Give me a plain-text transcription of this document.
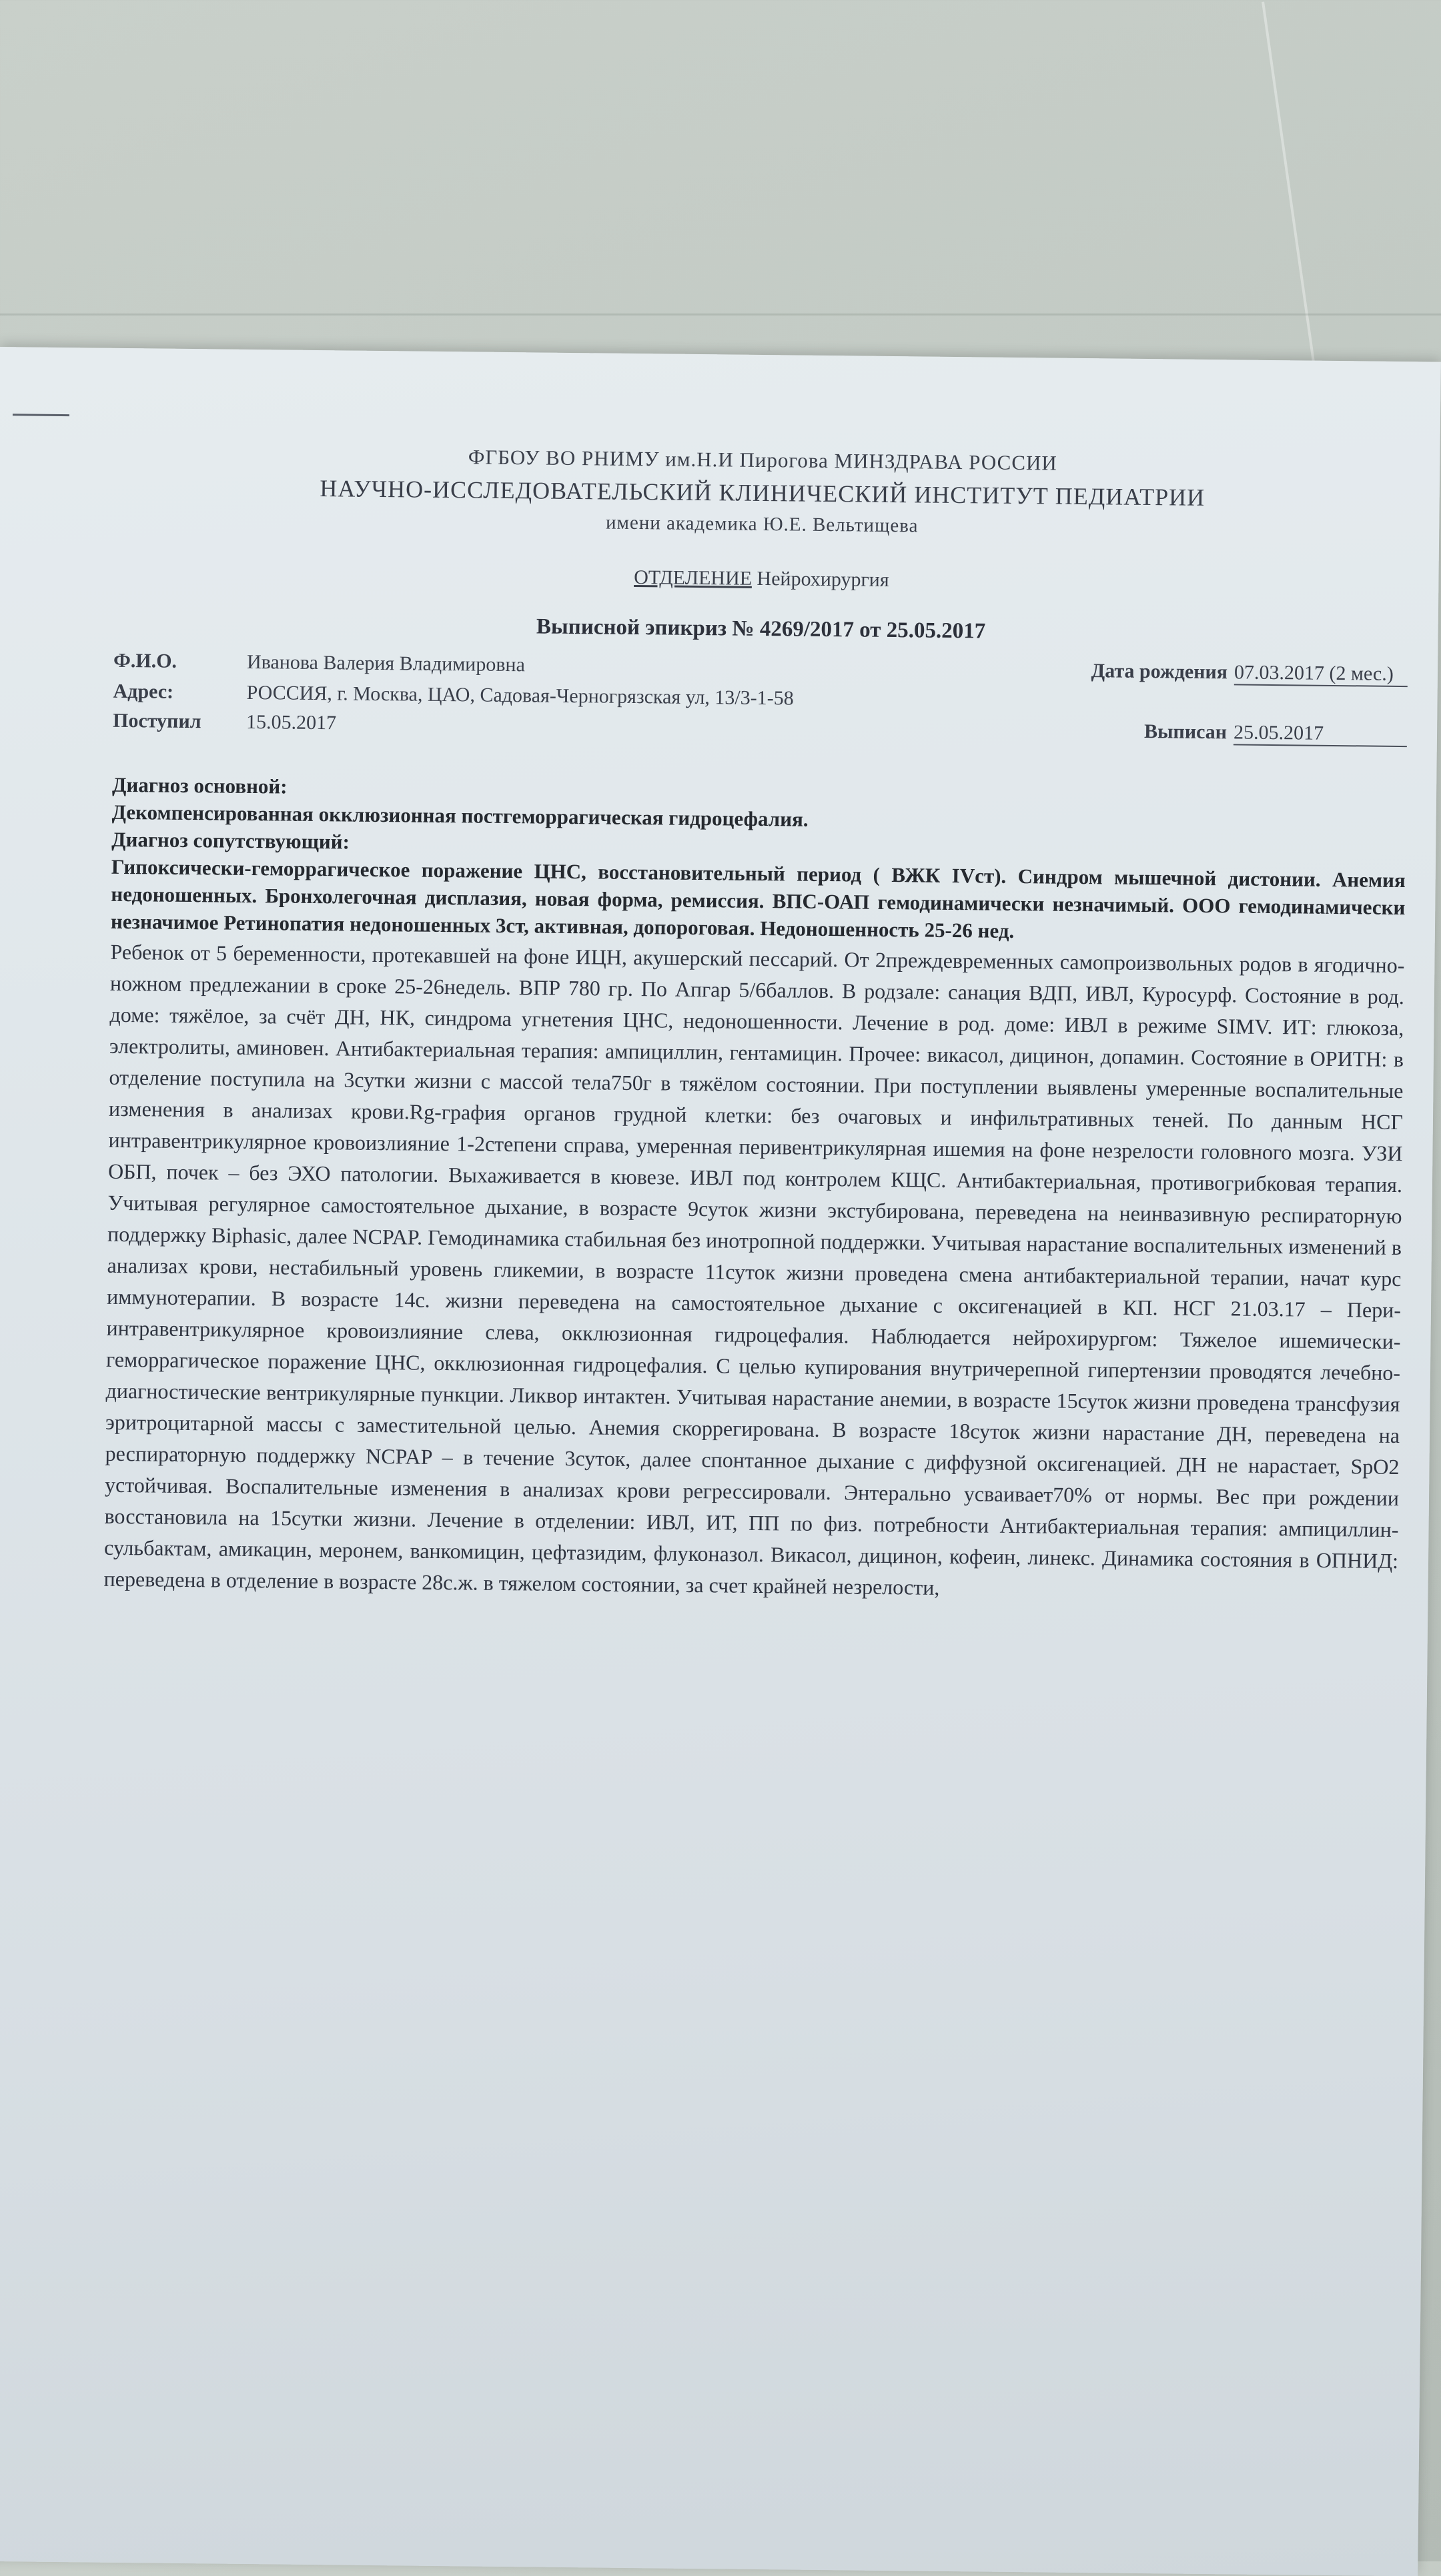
ФГБОУ ВО РНИМУ им.Н.И Пирогова МИНЗДРАВА РОССИИ
НАУЧНО-ИССЛЕДОВАТЕЛЬСКИЙ КЛИНИЧЕСКИЙ ИНСТИТУТ ПЕДИАТРИИ
имени академика Ю.Е. Вельтищева
ОТДЕЛЕНИЕ Нейрохирургия
Выписной эпикриз № 4269/2017 от 25.05.2017
Ф.И.О.	Иванова Валерия Владимировна	Дата рождения 07.03.2017 (2 мес.)
Адрес:	РОССИЯ, г. Москва, ЦАО, Садовая-Черногрязская ул, 13/3-1-58
Поступил	15.05.2017	Выписан 25.05.2017
Диагноз основной:
Декомпенсированная окклюзионная постгеморрагическая гидроцефалия.
Диагноз сопутствующий:
Гипоксически-геморрагическое поражение ЦНС, восстановительный период ( ВЖК IVст). Синдром мышечной дистонии. Анемия недоношенных. Бронхолегочная дисплазия, новая форма, ремиссия. ВПС-ОАП гемодинамически незначимый. ООО гемодинамически незначимое Ретинопатия недоношенных 3ст, активная, допороговая. Недоношенность 25-26 нед.
Ребенок от 5 беременности, протекавшей на фоне ИЦН, акушерский пессарий. От 2преждевременных самопроизвольных родов в ягодично-ножном предлежании в сроке 25-26недель. ВПР 780 гр. По Апгар 5/6баллов. В родзале: санация ВДП, ИВЛ, Куросурф. Состояние в род. доме: тяжёлое, за счёт ДН, НК, синдрома угнетения ЦНС, недоношенности. Лечение в род. доме: ИВЛ в режиме SIMV. ИТ: глюкоза, электролиты, аминовен. Антибактериальная терапия: ампициллин, гентамицин. Прочее: викасол, дицинон, допамин. Состояние в ОРИТН: в отделение поступила на 3сутки жизни с массой тела750г в тяжёлом состоянии. При поступлении выявлены умеренные воспалительные изменения в анализах крови.Rg-графия органов грудной клетки: без очаговых и инфильтративных теней. По данным НСГ интравентрикулярное кровоизлияние 1-2степени справа, умеренная перивентрикулярная ишемия на фоне незрелости головного мозга. УЗИ ОБП, почек – без ЭХО патологии. Выхаживается в кювезе. ИВЛ под контролем КЩС. Антибактериальная, противогрибковая терапия. Учитывая регулярное самостоятельное дыхание, в возрасте 9суток жизни экстубирована, переведена на неинвазивную респираторную поддержку Biphasic, далее NCPAP. Гемодинамика стабильная без инотропной поддержки. Учитывая нарастание воспалительных изменений в анализах крови, нестабильный уровень гликемии, в возрасте 11суток жизни проведена смена антибактериальной терапии, начат курс иммунотерапии. В возрасте 14с. жизни переведена на самостоятельное дыхание с оксигенацией в КП. НСГ 21.03.17 – Пери-интравентрикулярное кровоизлияние слева, окклюзионная гидроцефалия. Наблюдается нейрохирургом: Тяжелое ишемически-геморрагическое поражение ЦНС, окклюзионная гидроцефалия. С целью купирования внутричерепной гипертензии проводятся лечебно-диагностические вентрикулярные пункции. Ликвор интактен. Учитывая нарастание анемии, в возрасте 15суток жизни проведена трансфузия эритроцитарной массы с заместительной целью. Анемия скоррегирована. В возрасте 18суток жизни нарастание ДН, переведена на респираторную поддержку NCPAP – в течение 3суток, далее спонтанное дыхание с диффузной оксигенацией. ДН не нарастает, SpO2 устойчивая. Воспалительные изменения в анализах крови регрессировали. Энтерально усваивает70% от нормы. Вес при рождении восстановила на 15сутки жизни. Лечение в отделении: ИВЛ, ИТ, ПП по физ. потребности Антибактериальная терапия: ампициллин-сульбактам, амикацин, меронем, ванкомицин, цефтазидим, флуконазол. Викасол, дицинон, кофеин, линекс. Динамика состояния в ОПНИД: переведена в отделение в возрасте 28с.ж. в тяжелом состоянии, за счет крайней незрелости,
